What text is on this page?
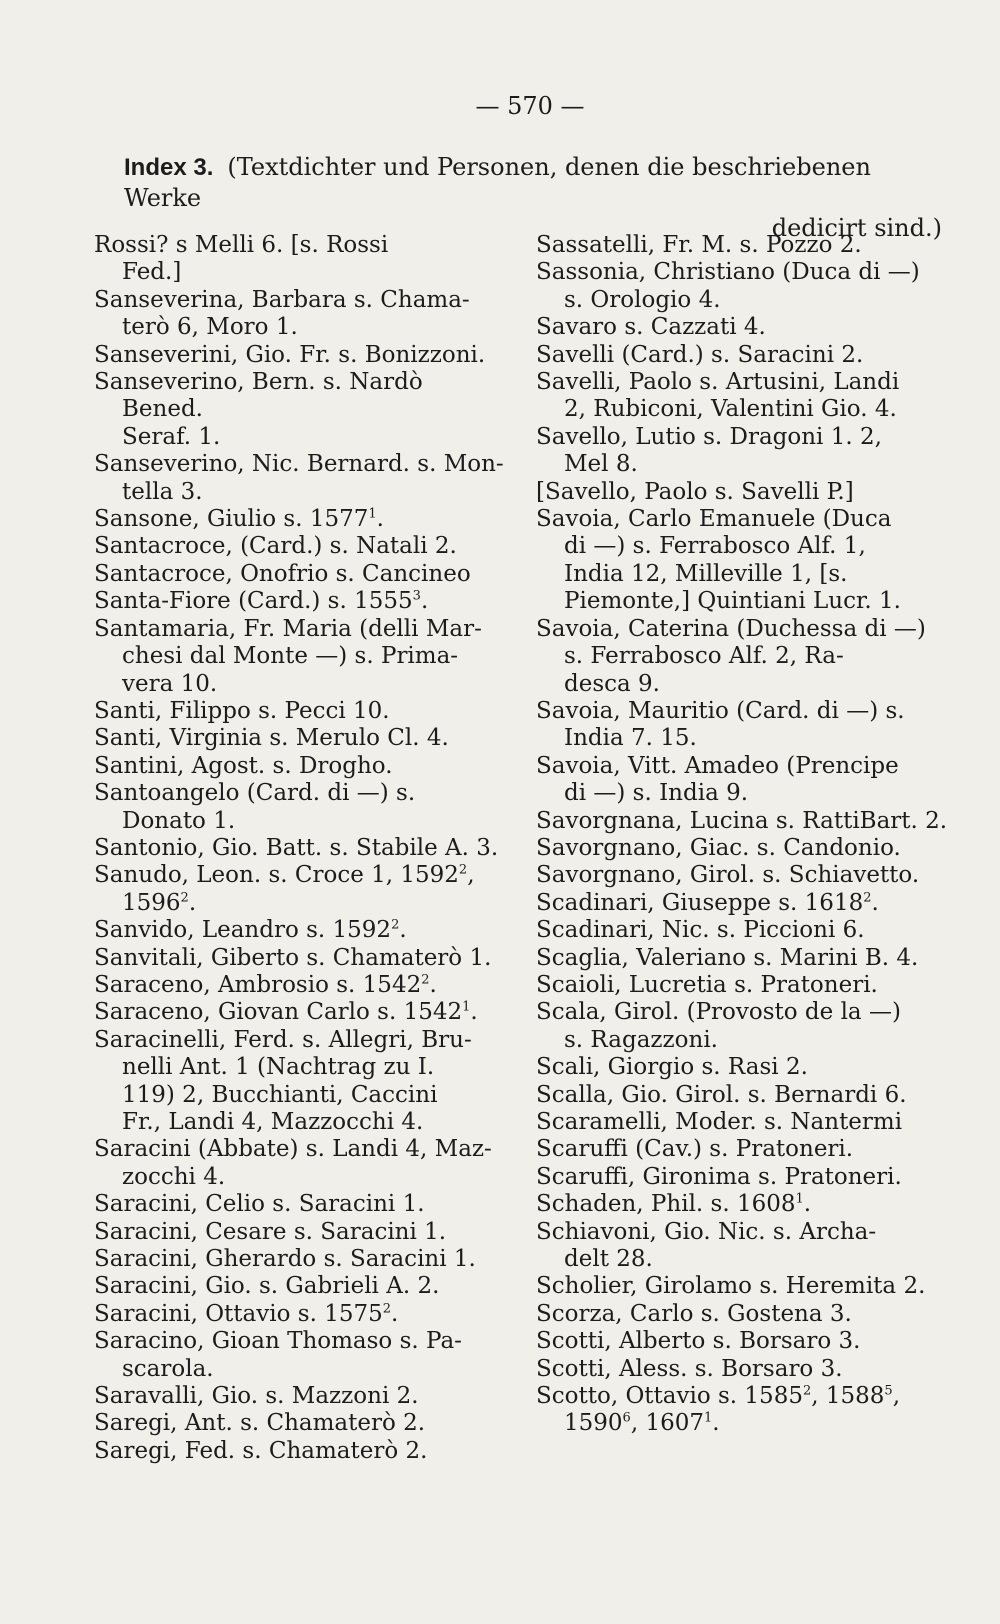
— 570 —
Index 3. (Textdichter und Personen, denen die beschriebenen Werke
dedicirt sind.)
Rossi? s Melli 6. [s. Rossi
Fed.]
Sanseverina, Barbara s. Chama-
terò 6, Moro 1.
Sanseverini, Gio. Fr. s. Bonizzoni.
Sanseverino, Bern. s. Nardò Bened.
Seraf. 1.
Sanseverino, Nic. Bernard. s. Mon-
tella 3.
Sansone, Giulio s. 1577$^1$.
Santacroce, (Card.) s. Natali 2.
Santacroce, Onofrio s. Cancineo
Santa-Fiore (Card.) s. 1555$^3$.
Santamaria, Fr. Maria (delli Mar-
chesi dal Monte —) s. Prima-
vera 10.
Santi, Filippo s. Pecci 10.
Santi, Virginia s. Merulo Cl. 4.
Santini, Agost. s. Drogho.
Santoangelo (Card. di —) s.
Donato 1.
Santonio, Gio. Batt. s. Stabile A. 3.
Sanudo, Leon. s. Croce 1, 1592$^2$,
1596$^2$.
Sanvido, Leandro s. 1592$^2$.
Sanvitali, Giberto s. Chamaterò 1.
Saraceno, Ambrosio s. 1542$^2$.
Saraceno, Giovan Carlo s. 1542$^1$.
Saracinelli, Ferd. s. Allegri, Bru-
nelli Ant. 1 (Nachtrag zu I.
119) 2, Bucchianti, Caccini
Fr., Landi 4, Mazzocchi 4.
Saracini (Abbate) s. Landi 4, Maz-
zocchi 4.
Saracini, Celio s. Saracini 1.
Saracini, Cesare s. Saracini 1.
Saracini, Gherardo s. Saracini 1.
Saracini, Gio. s. Gabrieli A. 2.
Saracini, Ottavio s. 1575$^2$.
Saracino, Gioan Thomaso s. Pa-
scarola.
Saravalli, Gio. s. Mazzoni 2.
Saregi, Ant. s. Chamaterò 2.
Saregi, Fed. s. Chamaterò 2.
Sassatelli, Fr. M. s. Pozzo 2.
Sassonia, Christiano (Duca di —)
s. Orologio 4.
Savaro s. Cazzati 4.
Savelli (Card.) s. Saracini 2.
Savelli, Paolo s. Artusini, Landi
2, Rubiconi, Valentini Gio. 4.
Savello, Lutio s. Dragoni 1. 2,
Mel 8.
[Savello, Paolo s. Savelli P.]
Savoia, Carlo Emanuele (Duca
di —) s. Ferrabosco Alf. 1,
India 12, Milleville 1, [s.
Piemonte,] Quintiani Lucr. 1.
Savoia, Caterina (Duchessa di —)
s. Ferrabosco Alf. 2, Ra-
desca 9.
Savoia, Mauritio (Card. di —) s.
India 7. 15.
Savoia, Vitt. Amadeo (Prencipe
di —) s. India 9.
Savorgnana, Lucina s. RattiBart. 2.
Savorgnano, Giac. s. Candonio.
Savorgnano, Girol. s. Schiavetto.
Scadinari, Giuseppe s. 1618$^2$.
Scadinari, Nic. s. Piccioni 6.
Scaglia, Valeriano s. Marini B. 4.
Scaioli, Lucretia s. Pratoneri.
Scala, Girol. (Provosto de la —)
s. Ragazzoni.
Scali, Giorgio s. Rasi 2.
Scalla, Gio. Girol. s. Bernardi 6.
Scaramelli, Moder. s. Nantermi
Scaruffi (Cav.) s. Pratoneri.
Scaruffi, Gironima s. Pratoneri.
Schaden, Phil. s. 1608$^1$.
Schiavoni, Gio. Nic. s. Archa-
delt 28.
Scholier, Girolamo s. Heremita 2.
Scorza, Carlo s. Gostena 3.
Scotti, Alberto s. Borsaro 3.
Scotti, Aless. s. Borsaro 3.
Scotto, Ottavio s. 1585$^2$, 1588$^5$,
1590$^6$, 1607$^1$.
